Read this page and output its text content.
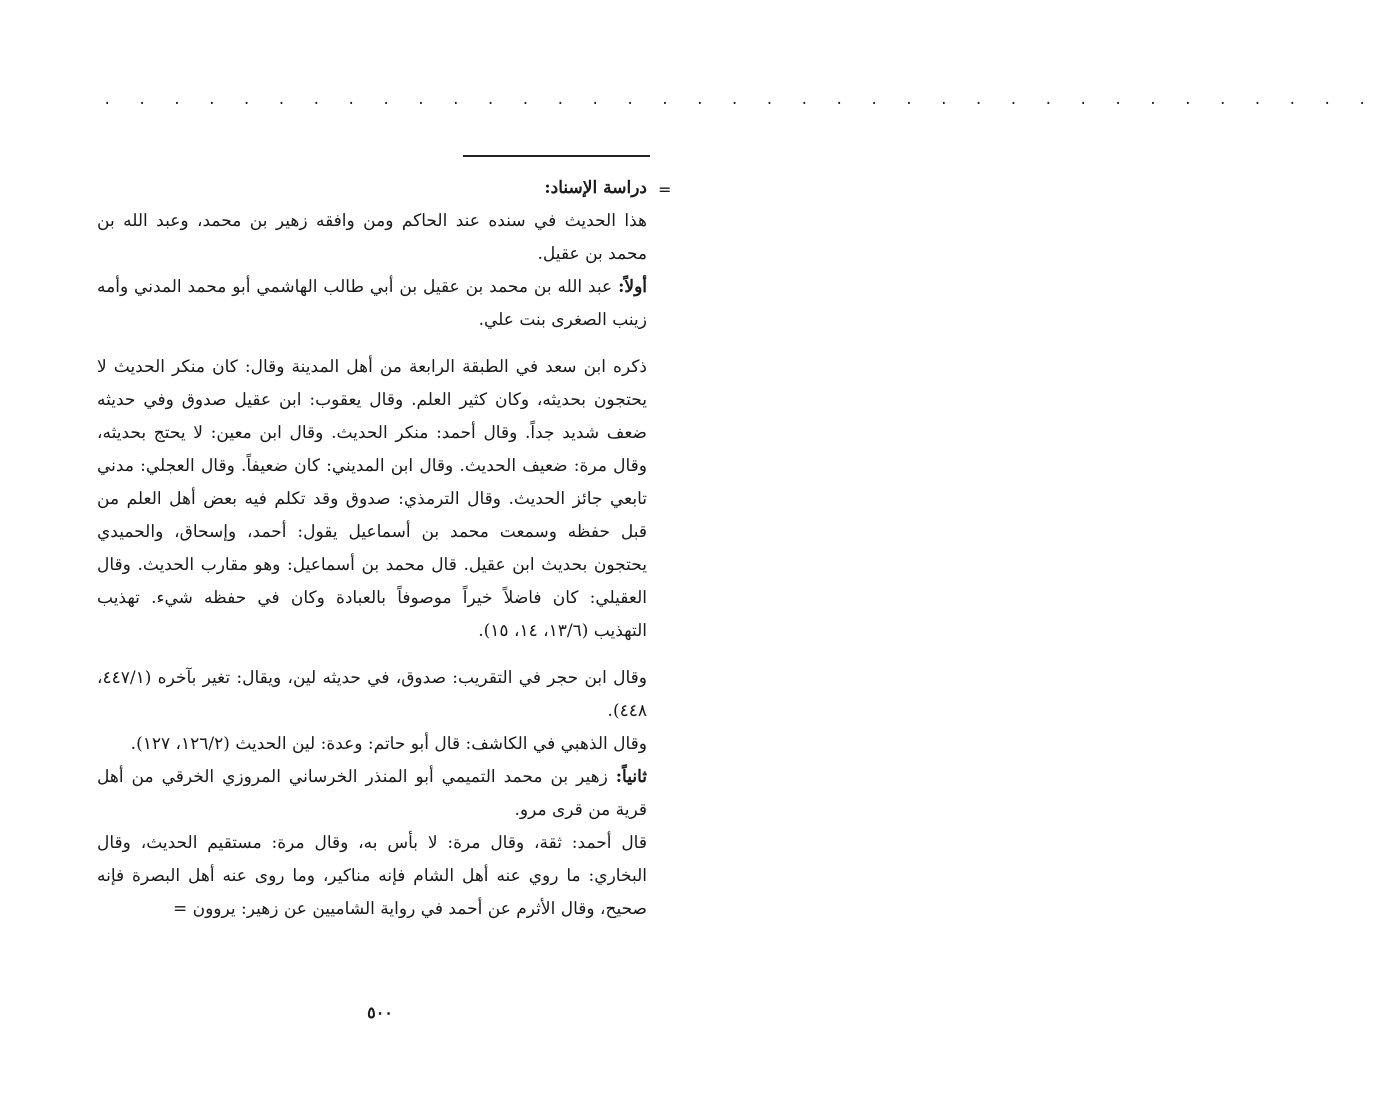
· · · · · · · · · · · · · · · · · · · · · · · · · · · · · · · · · · · · ·
=

دراسة الإسناد:

هذا الحديث في سنده عند الحاكم ومن وافقه زهير بن محمد، وعبد الله بن محمد بن عقيل.

أولاً: عبد الله بن محمد بن عقيل بن أبي طالب الهاشمي أبو محمد المدني وأمه زينب الصغرى بنت علي.

ذكره ابن سعد في الطبقة الرابعة من أهل المدينة وقال: كان منكر الحديث لا يحتجون بحديثه، وكان كثير العلم. وقال يعقوب: ابن عقيل صدوق وفي حديثه ضعف شديد جداً. وقال أحمد: منكر الحديث. وقال ابن معين: لا يحتج بحديثه، وقال مرة: ضعيف الحديث. وقال ابن المديني: كان ضعيفاً. وقال العجلي: مدني تابعي جائز الحديث. وقال الترمذي: صدوق وقد تكلم فيه بعض أهل العلم من قبل حفظه وسمعت محمد بن أسماعيل يقول: أحمد، وإسحاق، والحميدي يحتجون بحديث ابن عقيل. قال محمد بن أسماعيل: وهو مقارب الحديث. وقال العقيلي: كان فاضلاً خيراً موصوفاً بالعبادة وكان في حفظه شيء. تهذيب التهذيب (١٣/٦، ١٤، ١٥).

وقال ابن حجر في التقريب: صدوق، في حديثه لين، ويقال: تغير بآخره (٤٤٧/١، ٤٤٨).

وقال الذهبي في الكاشف: قال أبو حاتم: وعدة: لين الحديث (١٢٦/٢، ١٢٧).

ثانياً: زهير بن محمد التميمي أبو المنذر الخرساني المروزي الخرقي من أهل قرية من قرى مرو.

قال أحمد: ثقة، وقال مرة: لا بأس به، وقال مرة: مستقيم الحديث، وقال البخاري: ما روي عنه أهل الشام فإنه مناكير، وما روى عنه أهل البصرة فإنه صحيح، وقال الأثرم عن أحمد في رواية الشاميين عن زهير: يروون =

٥٠٠
